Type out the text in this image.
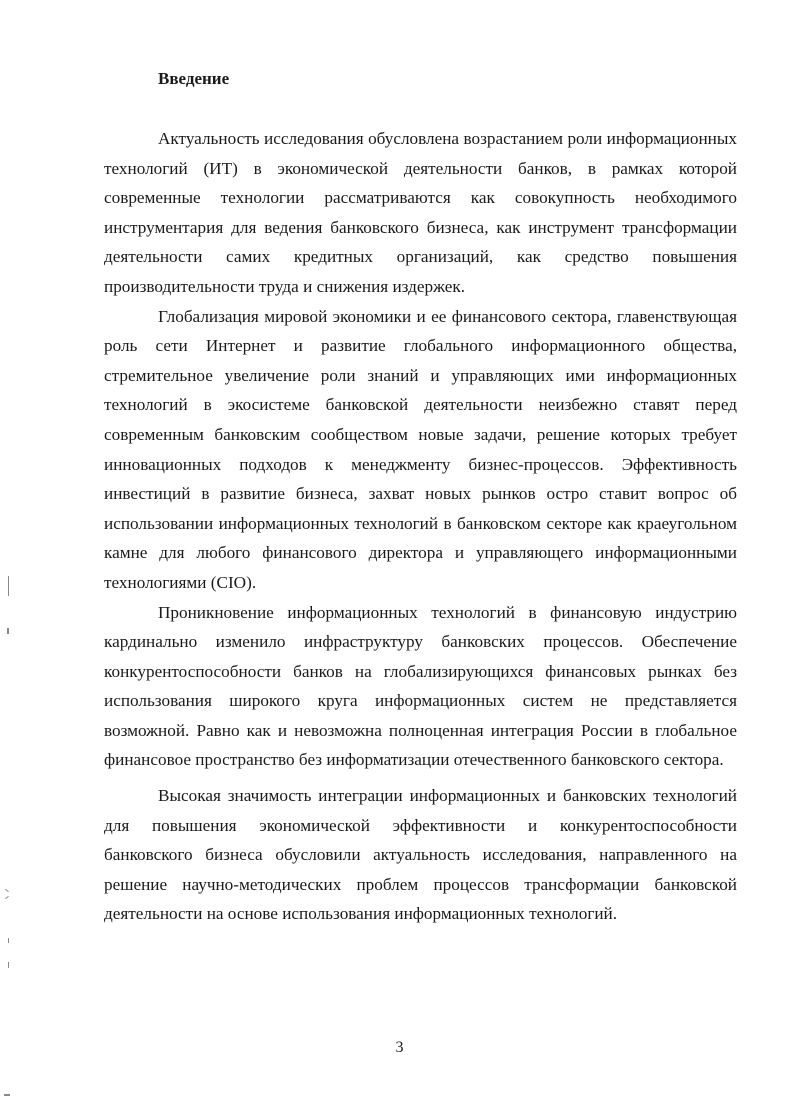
Введение

Актуальность исследования обусловлена возрастанием роли информационных технологий (ИТ) в экономической деятельности банков, в рамках которой современные технологии рассматриваются как совокупность необходимого инструментария для ведения банковского бизнеса, как инструмент трансформации деятельности самих кредитных организаций, как средство повышения производительности труда и снижения издержек.

Глобализация мировой экономики и ее финансового сектора, главенствующая роль сети Интернет и развитие глобального информационного общества, стремительное увеличение роли знаний и управляющих ими информационных технологий в экосистеме банковской деятельности неизбежно ставят перед современным банковским сообществом новые задачи, решение которых требует инновационных подходов к менеджменту бизнес-процессов. Эффективность инвестиций в развитие бизнеса, захват новых рынков остро ставит вопрос об использовании информационных технологий в банковском секторе как краеугольном камне для любого финансового директора и управляющего информационными технологиями (CIO).

Проникновение информационных технологий в финансовую индустрию кардинально изменило инфраструктуру банковских процессов. Обеспечение конкурентоспособности банков на глобализирующихся финансовых рынках без использования широкого круга информационных систем не представляется возможной. Равно как и невозможна полноценная интеграция России в глобальное финансовое пространство без информатизации отечественного банковского сектора.

Высокая значимость интеграции информационных и банковских технологий для повышения экономической эффективности и конкурентоспособности банковского бизнеса обусловили актуальность исследования, направленного на решение научно-методических проблем процессов трансформации банковской деятельности на основе использования информационных технологий.

3
